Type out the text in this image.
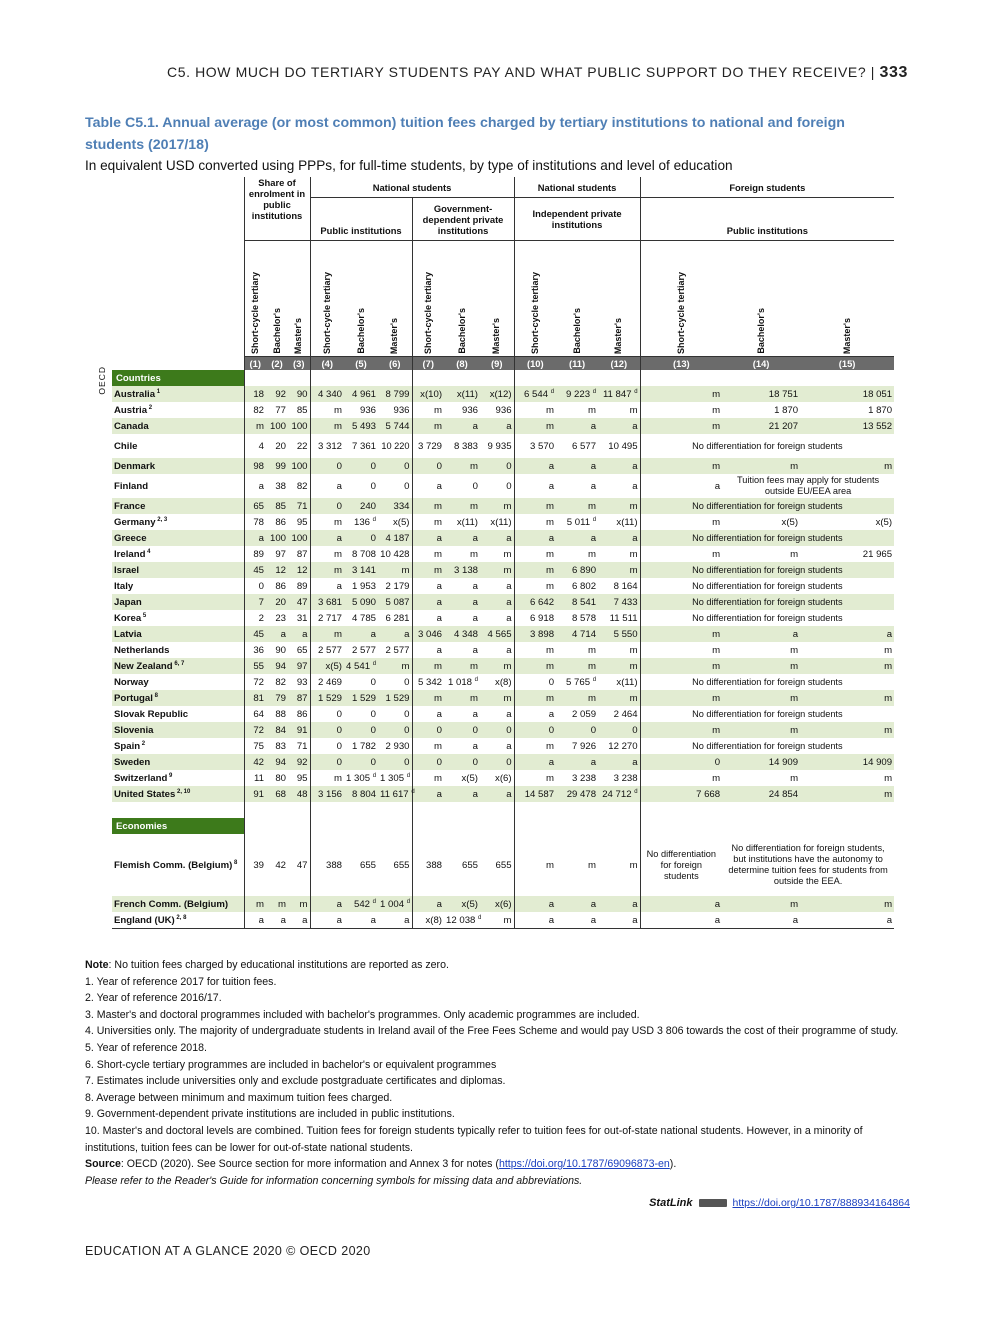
C5. HOW MUCH DO TERTIARY STUDENTS PAY AND WHAT PUBLIC SUPPORT DO THEY RECEIVE? | 333
Table C5.1. Annual average (or most common) tuition fees charged by tertiary institutions to national and foreign students (2017/18)
In equivalent USD converted using PPPs, for full-time students, by type of institutions and level of education
OECD
	Share of enrolment in public institutions			National students						National students			Foreign students		
				Public institutions			Government-dependent private institutions			Independent private institutions			Public institutions		
	Short-cycle tertiary	Bachelor's	Master's	Short-cycle tertiary	Bachelor's	Master's	Short-cycle tertiary	Bachelor's	Master's	Short-cycle tertiary	Bachelor's	Master's	Short-cycle tertiary	Bachelor's	Master's
	(1)	(2)	(3)	(4)	(5)	(6)	(7)	(8)	(9)	(10)	(11)	(12)	(13)	(14)	(15)
Countries															
Australia $^1$	18	92	90	4 340	4 961	8 799	x(10)	x(11)	x(12)	6 544 $^d$	9 223 $^d$	11 847 $^d$	m	18 751	18 051
Austria $^2$	82	77	85	m	936	936	m	936	936	m	m	m	m	1 870	1 870
Canada	m	100	100	m	5 493	5 744	m	a	a	m	a	a	m	21 207	13 552
Chile	4	20	22	3 312	7 361	10 220	3 729	8 383	9 935	3 570	6 577	10 495	No differentiation for foreign students		
Denmark	98	99	100	0	0	0	0	m	0	a	a	a	m	m	m
Finland	a	38	82	a	0	0	a	0	0	a	a	a	a	Tuition fees may apply for students outside EU/EEA area	
France	65	85	71	0	240	334	m	m	m	m	m	m	No differentiation for foreign students		
Germany $^{2, 3}$	78	86	95	m	136 $^d$	x(5)	m	x(11)	x(11)	m	5 011 $^d$	x(11)	m	x(5)	x(5)
Greece	a	100	100	a	0	4 187	a	a	a	a	a	a	No differentiation for foreign students		
Ireland $^4$	89	97	87	m	8 708	10 428	m	m	m	m	m	m	m	m	21 965
Israel	45	12	12	m	3 141	m	m	3 138	m	m	6 890	m	No differentiation for foreign students		
Italy	0	86	89	a	1 953	2 179	a	a	a	m	6 802	8 164	No differentiation for foreign students		
Japan	7	20	47	3 681	5 090	5 087	a	a	a	6 642	8 541	7 433	No differentiation for foreign students		
Korea $^5$	2	23	31	2 717	4 785	6 281	a	a	a	6 918	8 578	11 511	No differentiation for foreign students		
Latvia	45	a	a	m	a	a	3 046	4 348	4 565	3 898	4 714	5 550	m	a	a
Netherlands	36	90	65	2 577	2 577	2 577	a	a	a	m	m	m	m	m	m
New Zealand $^{6, 7}$	55	94	97	x(5)	4 541 $^d$	m	m	m	m	m	m	m	m	m	m
Norway	72	82	93	2 469	0	0	5 342	1 018 $^d$	x(8)	0	5 765 $^d$	x(11)	No differentiation for foreign students		
Portugal $^8$	81	79	87	1 529	1 529	1 529	m	m	m	m	m	m	m	m	m
Slovak Republic	64	88	86	0	0	0	a	a	a	a	2 059	2 464	No differentiation for foreign students		
Slovenia	72	84	91	0	0	0	0	0	0	0	0	0	m	m	m
Spain $^2$	75	83	71	0	1 782	2 930	m	a	a	m	7 926	12 270	No differentiation for foreign students		
Sweden	42	94	92	0	0	0	0	0	0	a	a	a	0	14 909	14 909
Switzerland $^9$	11	80	95	m	1 305 $^d$	1 305 $^d$	m	x(5)	x(6)	m	3 238	3 238	m	m	m
United States $^{2, 10}$	91	68	48	3 156	8 804	11 617 $^d$	a	a	a	14 587	29 478	24 712 $^d$	7 668	24 854	m

Economies															
Flemish Comm. (Belgium) $^8$	39	42	47	388	655	655	388	655	655	m	m	m	No differentiation for foreign students	No differentiation for foreign students, but institutions have the autonomy to determine tuition fees for students from outside the EEA.	
French Comm. (Belgium)	m	m	m	a	542 $^d$	1 004 $^d$	a	x(5)	x(6)	a	a	a	a	m	m
England (UK) $^{2, 8}$	a	a	a	a	a	a	x(8)	12 038 $^d$	m	a	a	a	a	a	a

Note: No tuition fees charged by educational institutions are reported as zero.

1. Year of reference 2017 for tuition fees.

2. Year of reference 2016/17.

3. Master's and doctoral programmes included with bachelor's programmes. Only academic programmes are included.

4. Universities only. The majority of undergraduate students in Ireland avail of the Free Fees Scheme and would pay USD 3 806 towards the cost of their programme of study.

5. Year of reference 2018.

6. Short-cycle tertiary programmes are included in bachelor's or equivalent programmes

7. Estimates include universities only and exclude postgraduate certificates and diplomas.

8. Average between minimum and maximum tuition fees charged.

9. Government-dependent private institutions are included in public institutions.

10. Master's and doctoral levels are combined. Tuition fees for foreign students typically refer to tuition fees for out-of-state national students. However, in a minority of institutions, tuition fees can be lower for out-of-state national students.

Source: OECD (2020). See Source section for more information and Annex 3 for notes (https://doi.org/10.1787/69096873-en).

Please refer to the Reader's Guide for information concerning symbols for missing data and abbreviations.

StatLink	https://doi.org/10.1787/888934164864
EDUCATION AT A GLANCE 2020 © OECD 2020
